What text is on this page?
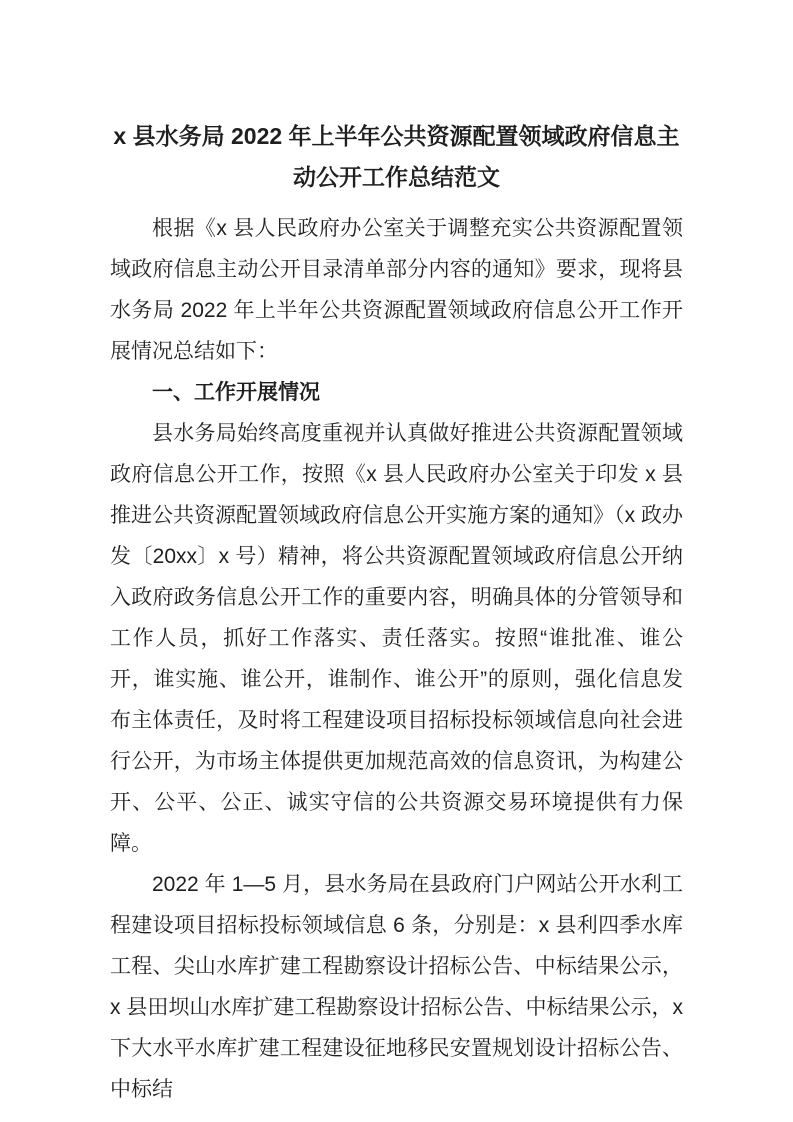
x 县水务局 2022 年上半年公共资源配置领域政府信息主动公开工作总结范文

根据《x 县人民政府办公室关于调整充实公共资源配置领域政府信息主动公开目录清单部分内容的通知》要求，现将县水务局 2022 年上半年公共资源配置领域政府信息公开工作开展情况总结如下：

一、工作开展情况

县水务局始终高度重视并认真做好推进公共资源配置领域政府信息公开工作，按照《x 县人民政府办公室关于印发 x 县推进公共资源配置领域政府信息公开实施方案的通知》（x 政办发〔20xx〕x 号）精神，将公共资源配置领域政府信息公开纳入政府政务信息公开工作的重要内容，明确具体的分管领导和工作人员，抓好工作落实、责任落实。按照“谁批准、谁公开，谁实施、谁公开，谁制作、谁公开”的原则，强化信息发布主体责任，及时将工程建设项目招标投标领域信息向社会进行公开，为市场主体提供更加规范高效的信息资讯，为构建公开、公平、公正、诚实守信的公共资源交易环境提供有力保障。

2022 年 1—5 月，县水务局在县政府门户网站公开水利工程建设项目招标投标领域信息 6 条，分别是：x 县利四季水库工程、尖山水库扩建工程勘察设计招标公告、中标结果公示，x 县田坝山水库扩建工程勘察设计招标公告、中标结果公示，x 下大水平水库扩建工程建设征地移民安置规划设计招标公告、中标结
